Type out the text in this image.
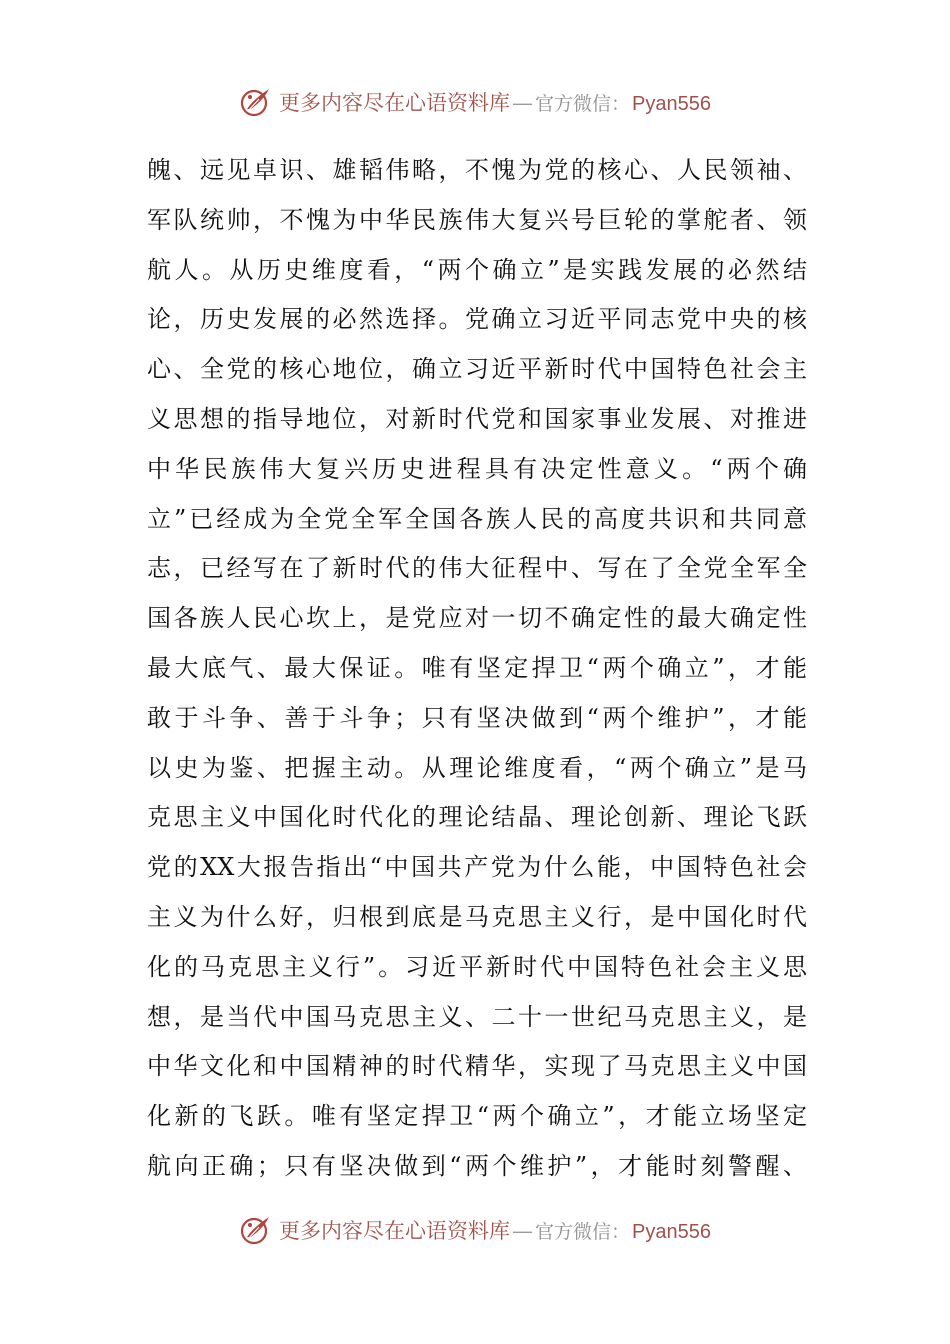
更多内容尽在心语资料库 — 官方微信： Pyan556
魄、远见卓识、雄韬伟略，不愧为党的核心、人民领袖、
军队统帅，不愧为中华民族伟大复兴号巨轮的掌舵者、领
航人。从历史维度看，“两个确立”是实践发展的必然结
论，历史发展的必然选择。党确立习近平同志党中央的核
心、全党的核心地位，确立习近平新时代中国特色社会主
义思想的指导地位，对新时代党和国家事业发展、对推进
中华民族伟大复兴历史进程具有决定性意义。“两个确
立”已经成为全党全军全国各族人民的高度共识和共同意
志，已经写在了新时代的伟大征程中、写在了全党全军全
国各族人民心坎上，是党应对一切不确定性的最大确定性
最大底气、最大保证。唯有坚定捍卫“两个确立”，才能
敢于斗争、善于斗争；只有坚决做到“两个维护”，才能
以史为鉴、把握主动。从理论维度看，“两个确立”是马
克思主义中国化时代化的理论结晶、理论创新、理论飞跃
党的XX大报告指出“中国共产党为什么能，中国特色社会
主义为什么好，归根到底是马克思主义行，是中国化时代
化的马克思主义行”。习近平新时代中国特色社会主义思
想，是当代中国马克思主义、二十一世纪马克思主义，是
中华文化和中国精神的时代精华，实现了马克思主义中国
化新的飞跃。唯有坚定捍卫“两个确立”，才能立场坚定
航向正确；只有坚决做到“两个维护”，才能时刻警醒、
更多内容尽在心语资料库 — 官方微信： Pyan556
